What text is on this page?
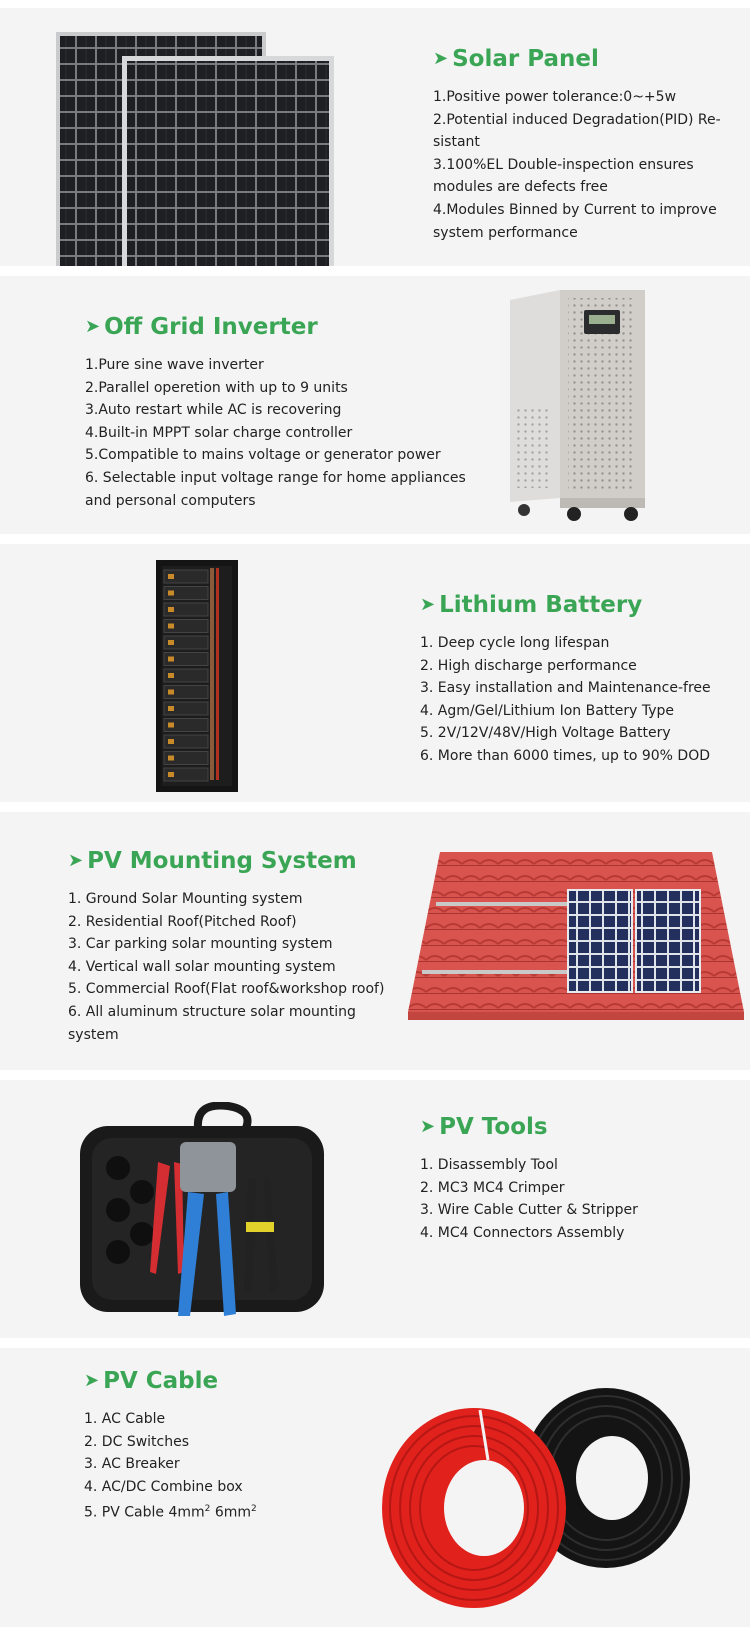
➤ Solar Panel
1.Positive power tolerance:0~+5w
2.Potential induced Degradation(PID) Re-
sistant
3.100%EL Double-inspection ensures
modules are defects free
4.Modules Binned by Current to improve
system performance
➤ Off Grid Inverter
1.Pure sine wave inverter
2.Parallel operetion with up to 9 units
3.Auto restart while AC is recovering
4.Built-in MPPT solar charge controller
5.Compatible to mains voltage or generator power
6. Selectable input voltage range for home appliances
and personal computers
➤ Lithium Battery
1. Deep cycle long lifespan
2. High discharge performance
3. Easy installation and Maintenance-free
4. Agm/Gel/Lithium Ion Battery Type
5. 2V/12V/48V/High Voltage Battery
6. More than 6000 times, up to 90% DOD
➤ PV Mounting System
1. Ground Solar Mounting system
2. Residential Roof(Pitched Roof)
3. Car parking solar mounting system
4. Vertical wall solar mounting system
5. Commercial Roof(Flat roof&workshop roof)
6. All aluminum structure solar mounting
system
➤ PV Tools
1. Disassembly Tool
2. MC3 MC4 Crimper
3. Wire Cable Cutter & Stripper
4. MC4 Connectors Assembly
➤ PV Cable
1. AC Cable
2. DC Switches
3. AC Breaker
4. AC/DC Combine box
5. PV Cable $4mm^2$ $6mm^2$
